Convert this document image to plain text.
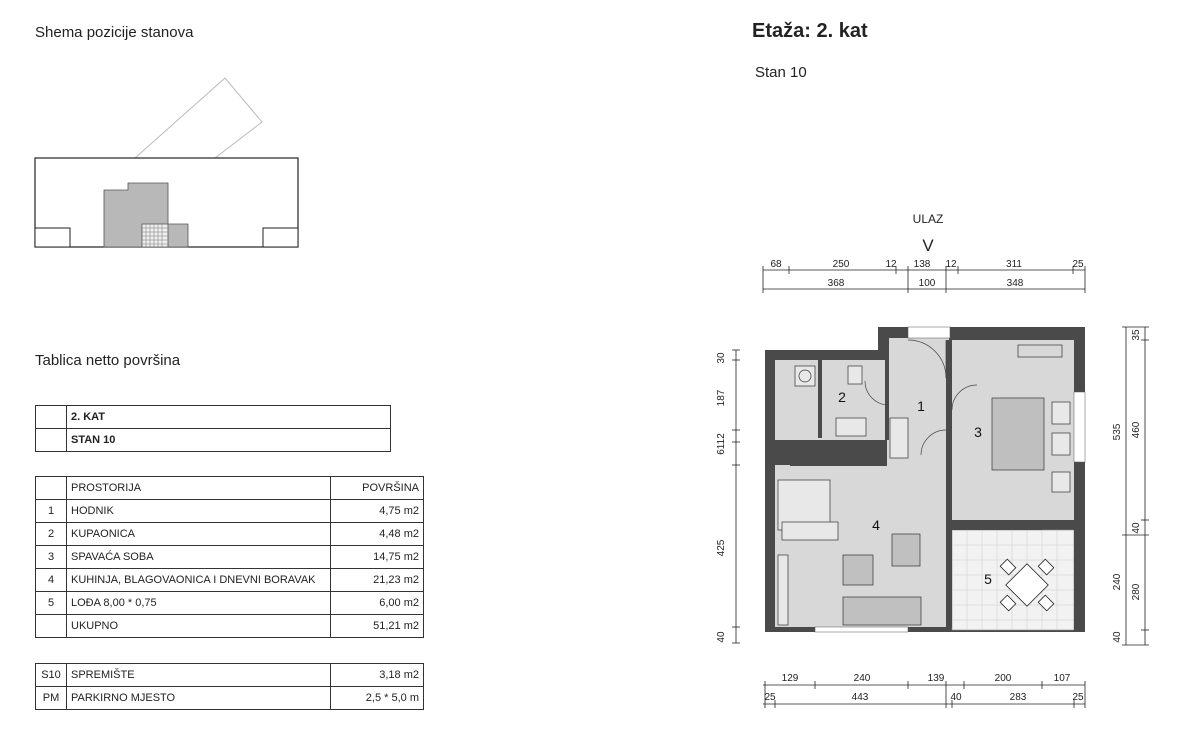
Shema pozicije stanova
Tablica netto površina
	2. KAT
	STAN 10
	PROSTORIJA	POVRŠINA
1	HODNIK	4,75 m2
2	KUPAONICA	4,48 m2
3	SPAVAĆA SOBA	14,75 m2
4	KUHINJA, BLAGOVAONICA I DNEVNI BORAVAK	21,23 m2
5	LOĐA 8,00 * 0,75	6,00 m2
	UKUPNO	51,21 m2
S10	SPREMIŠTE	3,18 m2
PM	PARKIRNO MJESTO	2,5 * 5,0 m
Etaža: 2. kat
Stan 10
ULAZ
V
68	250	12 138 12	311	25
368	100	348
1
2
3
4
5
30
187
6112
425
40
35
460
40
240
40
535
280
129	240	139	200	107
25	443	40	283	25
